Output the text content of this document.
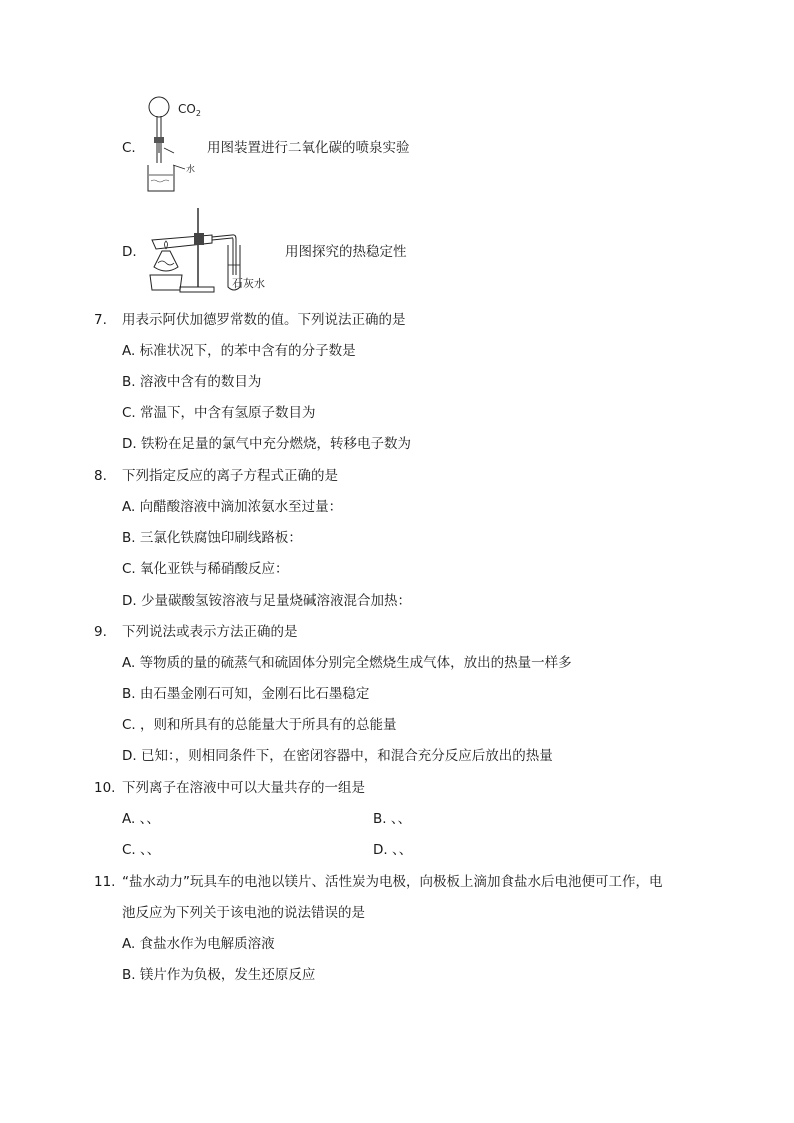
C.
$CO_2$
水
用图装置进行二氧化碳的喷泉实验
D.
石灰水
用图探究的热稳定性
7. 用表示阿伏加德罗常数的值。下列说法正确的是
A. 标准状况下，的苯中含有的分子数是
B. 溶液中含有的数目为
C. 常温下，中含有氢原子数目为
D. 铁粉在足量的氯气中充分燃烧，转移电子数为
8. 下列指定反应的离子方程式正确的是
A. 向醋酸溶液中滴加浓氨水至过量：
B. 三氯化铁腐蚀印刷线路板：
C. 氧化亚铁与稀硝酸反应：
D. 少量碳酸氢铵溶液与足量烧碱溶液混合加热：
9. 下列说法或表示方法正确的是
A. 等物质的量的硫蒸气和硫固体分别完全燃烧生成气体，放出的热量一样多
B. 由石墨金刚石可知，金刚石比石墨稳定
C. ，则和所具有的总能量大于所具有的总能量
D. 已知：，则相同条件下，在密闭容器中，和混合充分反应后放出的热量
10. 下列离子在溶液中可以大量共存的一组是
A. 、、	B. 、、
C. 、、	D. 、、
11. “盐水动力”玩具车的电池以镁片、活性炭为电极，向极板上滴加食盐水后电池便可工作，电
池反应为下列关于该电池的说法错误的是
A. 食盐水作为电解质溶液
B. 镁片作为负极，发生还原反应
